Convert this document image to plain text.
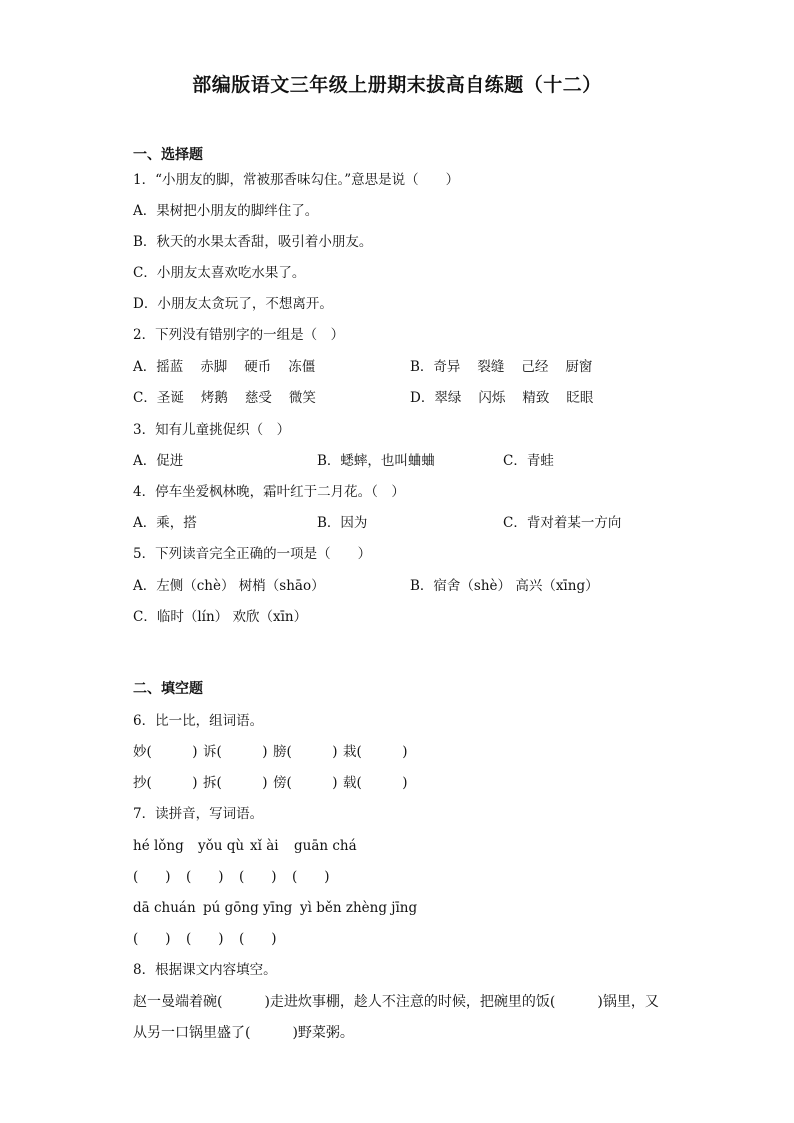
部编版语文三年级上册期末拔高自练题（十二）
一、选择题
1．“小朋友的脚，常被那香味勾住。”意思是说（　　）
A．果树把小朋友的脚绊住了。
B．秋天的水果太香甜，吸引着小朋友。
C．小朋友太喜欢吃水果了。
D．小朋友太贪玩了，不想离开。
2．下列没有错别字的一组是（　）
A．摇蓝 赤脚 硬币 冻僵	B．奇异 裂缝 己经 厨窗
C．圣诞 烤鹅 慈受 微笑	D．翠绿 闪烁 精致 眨眼
3．知有儿童挑促织（　）
A．促进	B．蟋蟀，也叫蛐蛐	C．青蛙
4．停车坐爱枫林晚，霜叶红于二月花。（　）
A．乘，搭	B．因为	C．背对着某一方向
5．下列读音完全正确的一项是（　　）
A．左侧（chè） 树梢（shāo）	B．宿舍（shè） 高兴（xīng）
C．临时（lín） 欢欣（xīn）
二、填空题
6．比一比，组词语。
妙(　　　) 诉(　　　) 膀(　　　) 栽(　　　)
抄(　　　) 拆(　　　) 傍(　　　) 载(　　　)
7．读拼音，写词语。
hé lǒng yǒu qù xǐ ài guān chá
(　　) (　　) (　　) (　　)
dā chuán pú gōng yīng yì běn zhèng jīng
(　　) (　　) (　　)
8．根据课文内容填空。
赵一曼端着碗(　　　)走进炊事棚，趁人不注意的时候，把碗里的饭(　　　)锅里，又
从另一口锅里盛了(　　　)野菜粥。
